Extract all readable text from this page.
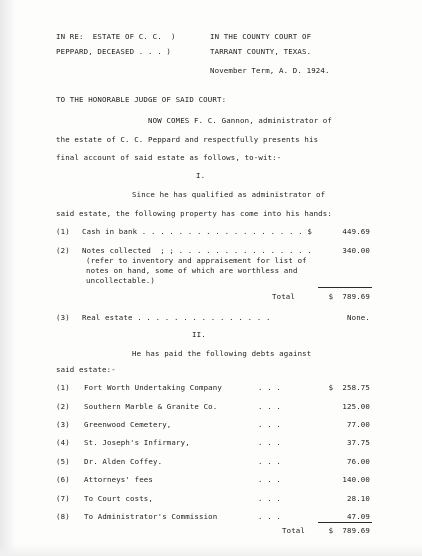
IN RE:  ESTATE OF C. C.  )
PEPPARD, DECEASED . . . )
IN THE COUNTY COURT OF
TARRANT COUNTY, TEXAS.
November Term, A. D. 1924.
TO THE HONORABLE JUDGE OF SAID COURT:
NOW COMES F. C. Gannon, administrator of
the estate of C. C. Peppard and respectfully presents his
final account of said estate as follows, to-wit:-
I.
Since he has qualified as administrator of
said estate, the following property has come into his hands:
(1) Cash in bank . . . . . . . . . . . . . . . . . . $	449.69
(2) Notes collected  ; ; . . . . . . . . . . . . . . .	340.00
(refer to inventory and appraisement for list of
notes on hand, some of which are worthless and
uncollectable.)
Total	$  789.69
(3) Real estate . . . . . . . . . . . . . . .	None.
II.
He has paid the following debts against
said estate:-
(1) Fort Worth Undertaking Company	. . .	$  258.75
(2) Southern Marble & Granite Co.	. . .	125.00
(3) Greenwood Cemetery,	. . .	77.00
(4) St. Joseph's Infirmary,	. . .	37.75
(5) Dr. Alden Coffey.	. . .	76.00
(6) Attorneys' fees	. . .	140.00
(7) To Court costs,	. . .	28.10
(8) To Administrator's Commission	. . .	47.09
Total	$  789.69
